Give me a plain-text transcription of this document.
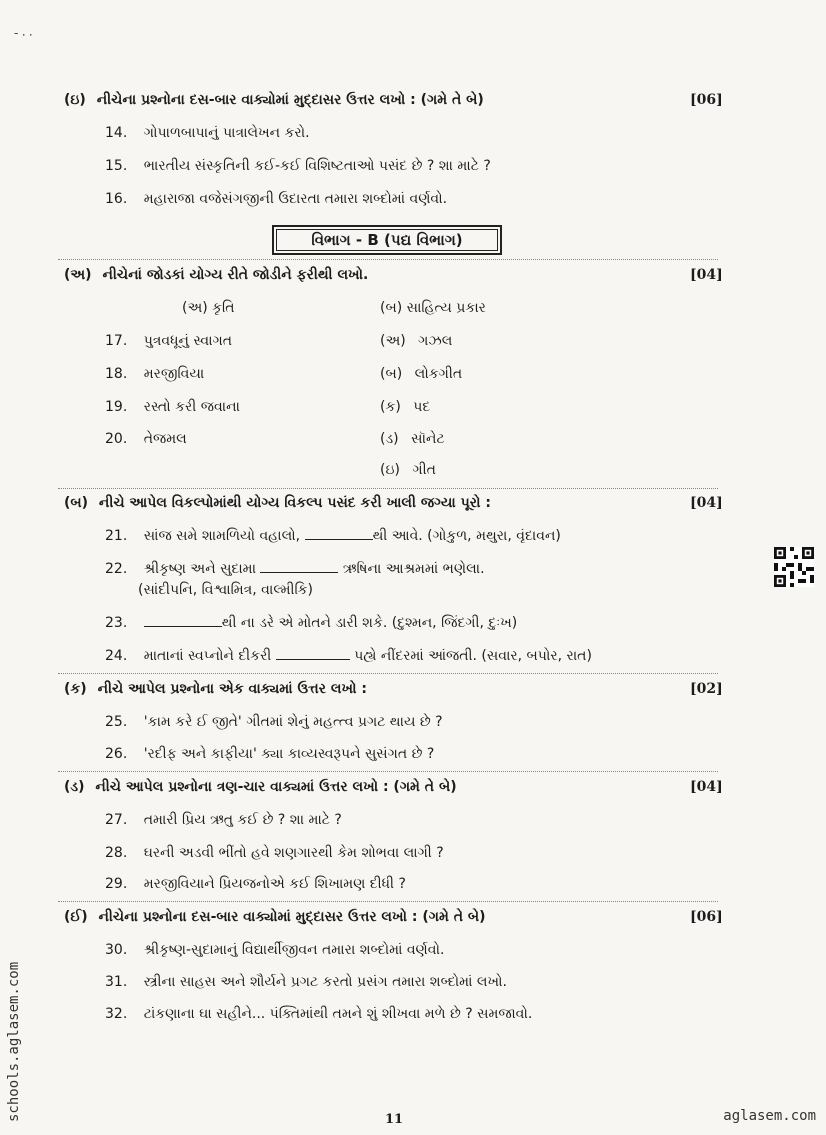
- ⸳ ⸳
(ઇ) નીચેના પ્રશ્નોના દસ-બાર વાક્યોમાં મુદ્દાસર ઉત્તર લખો : (ગમે તે બે)	[06]
14. ગોપાળબાપાનું પાત્રાલેખન કરો.
15. ભારતીય સંસ્કૃતિની કઈ-કઈ વિશિષ્ટતાઓ પસંદ છે ? શા માટે ?
16. મહારાજા વજેસંગજીની ઉદારતા તમારા શબ્દોમાં વર્ણવો.
વિભાગ - B (પદ્ય વિભાગ)
(અ) નીચેનાં જોડકાં યોગ્ય રીતે જોડીને ફરીથી લખો.	[04]
(અ) કૃતિ	(બ) સાહિત્ય પ્રકાર
17. પુત્રવધૂનું સ્વાગત	(અ) ગઝલ
18. મરજીવિયા	(બ) લોકગીત
19. રસ્તો કરી જવાના	(ક) પદ
20. તેજમલ	(ડ) સૉનેટ
(ઇ) ગીત
(બ) નીચે આપેલ વિકલ્પોમાંથી યોગ્ય વિકલ્પ પસંદ કરી ખાલી જગ્યા પૂરો :	[04]
21. સાંજ સમે શામળિયો વહાલો,	થી આવે. (ગોકુળ, મથુરા, વૃંદાવન)
22. શ્રીકૃષ્ણ અને સુદામા	ઋષિના આશ્રમમાં ભણેલા.
(સાંદીપનિ, વિશ્વામિત્ર, વાલ્મીકિ)
23.	થી ના ડરે એ મોતને ડારી શકે. (દુશ્મન, જિંદગી, દુઃખ)
24. માતાનાં સ્વપ્નોને દીકરી	પહ્યે નીંદરમાં આંજતી. (સવાર, બપોર, રાત)
(ક) નીચે આપેલ પ્રશ્નોના એક વાક્યમાં ઉત્તર લખો :	[02]
25. 'કામ કરે ઈ જીતે' ગીતમાં શેનું મહત્ત્વ પ્રગટ થાય છે ?
26. 'રદીફ અને કાફીયા' ક્યા કાવ્યસ્વરૂપને સુસંગત છે ?
(ડ) નીચે આપેલ પ્રશ્નોના ત્રણ-ચાર વાક્યમાં ઉત્તર લખો : (ગમે તે બે)	[04]
27. તમારી પ્રિય ઋતુ કઈ છે ? શા માટે ?
28. ઘરની અડવી ભીંતો હવે શણગારથી કેમ શોભવા લાગી ?
29. મરજીવિયાને પ્રિયજનોએ કઈ શિખામણ દીધી ?
(ઈ) નીચેના પ્રશ્નોના દસ-બાર વાક્યોમાં મુદ્દાસર ઉત્તર લખો : (ગમે તે બે)	[06]
30. શ્રીકૃષ્ણ-સુદામાનું વિદ્યાર્થીજીવન તમારા શબ્દોમાં વર્ણવો.
31. સ્ત્રીના સાહસ અને શૌર્યને પ્રગટ કરતો પ્રસંગ તમારા શબ્દોમાં લખો.
32. ટાંકણાના ઘા સહીને... પંક્તિમાંથી તમને શું શીખવા મળે છે ? સમજાવો.
11
schools.aglasem.com	aglasem.com
